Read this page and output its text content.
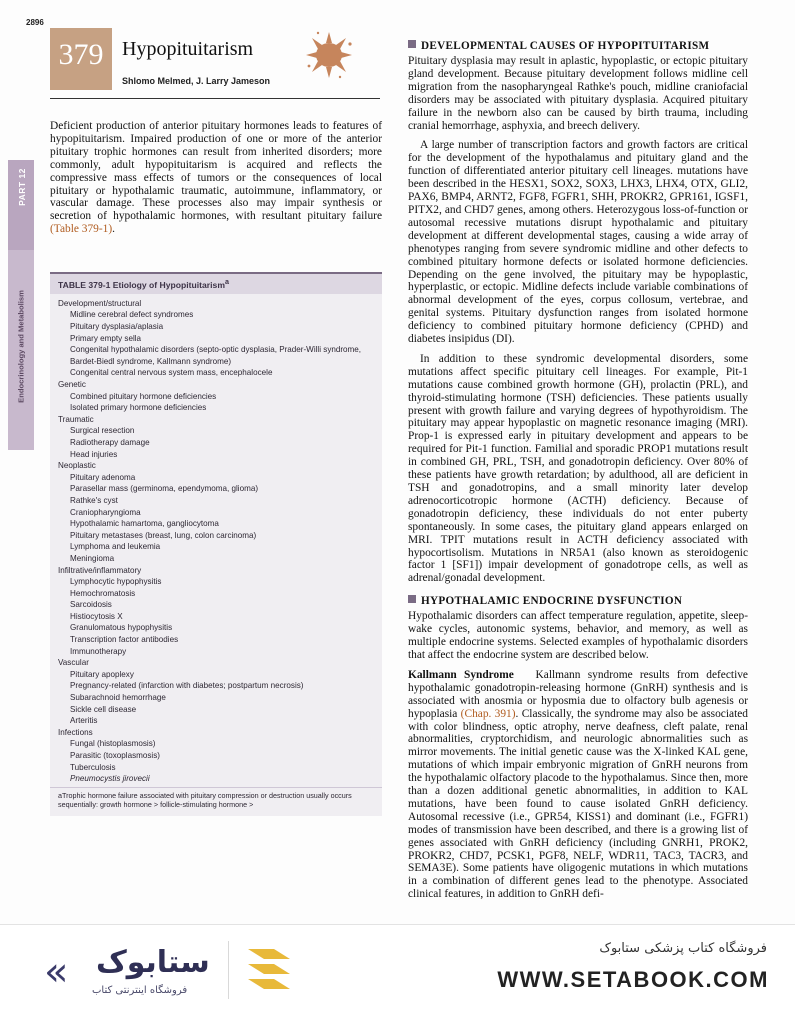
2896
PART 12
Endocrinology and Metabolism
379 Hypopituitarism
Shlomo Melmed, J. Larry Jameson

Deficient production of anterior pituitary hormones leads to features of hypopituitarism. Impaired production of one or more of the anterior pituitary trophic hormones can result from inherited disorders; more commonly, adult hypopituitarism is acquired and reflects the compressive mass effects of tumors or the consequences of local pituitary or hypothalamic traumatic, autoimmune, inflammatory, or vascular damage. These processes also may impair synthesis or secretion of hypothalamic hormones, with resultant pituitary failure (Table 379-1).

TABLE 379-1 Etiology of Hypopituitarism$^a$
Development/structural
Midline cerebral defect syndromes
Pituitary dysplasia/aplasia
Primary empty sella
Congenital hypothalamic disorders (septo-optic dysplasia, Prader-Willi syndrome, Bardet-Biedl syndrome, Kallmann syndrome)
Congenital central nervous system mass, encephalocele
Genetic
Combined pituitary hormone deficiencies
Isolated primary hormone deficiencies
Traumatic
Surgical resection
Radiotherapy damage
Head injuries
Neoplastic
Pituitary adenoma
Parasellar mass (germinoma, ependymoma, glioma)
Rathke's cyst
Craniopharyngioma
Hypothalamic hamartoma, gangliocytoma
Pituitary metastases (breast, lung, colon carcinoma)
Lymphoma and leukemia
Meningioma
Infiltrative/inflammatory
Lymphocytic hypophysitis
Hemochromatosis
Sarcoidosis
Histiocytosis X
Granulomatous hypophysitis
Transcription factor antibodies
Immunotherapy
Vascular
Pituitary apoplexy
Pregnancy-related (infarction with diabetes; postpartum necrosis)
Subarachnoid hemorrhage
Sickle cell disease
Arteritis
Infections
Fungal (histoplasmosis)
Parasitic (toxoplasmosis)
Tuberculosis
Pneumocystis jirovecii
aTrophic hormone failure associated with pituitary compression or destruction usually occurs sequentially: growth hormone > follicle-stimulating hormone >
DEVELOPMENTAL CAUSES OF HYPOPITUITARISM

Pituitary dysplasia may result in aplastic, hypoplastic, or ectopic pituitary gland development. Because pituitary development follows midline cell migration from the nasopharyngeal Rathke's pouch, midline craniofacial disorders may be associated with pituitary dysplasia. Acquired pituitary failure in the newborn also can be caused by birth trauma, including cranial hemorrhage, asphyxia, and breech delivery.

A large number of transcription factors and growth factors are critical for the development of the hypothalamus and pituitary gland and the function of differentiated anterior pituitary cell lineages. mutations have been described in the HESX1, SOX2, SOX3, LHX3, LHX4, OTX, GLI2, PAX6, BMP4, ARNT2, FGF8, FGFR1, SHH, PROKR2, GPR161, IGSF1, PITX2, and CHD7 genes, among others. Heterozygous loss-of-function or autosomal recessive mutations disrupt hypothalamic and pituitary development at different developmental stages, causing a wide array of phenotypes ranging from severe syndromic midline and other defects to combined pituitary hormone defects or isolated hormone deficiencies. Depending on the gene involved, the pituitary may be hypoplastic, hyperplastic, or ectopic. Midline defects include variable combinations of abnormal development of the eyes, corpus collosum, vertebrae, and genital systems. Pituitary dysfunction ranges from isolated hormone deficiency to combined pituitary hormone deficiency (CPHD) and diabetes insipidus (DI).

In addition to these syndromic developmental disorders, some mutations affect specific pituitary cell lineages. For example, Pit-1 mutations cause combined growth hormone (GH), prolactin (PRL), and thyroid-stimulating hormone (TSH) deficiencies. These patients usually present with growth failure and varying degrees of hypothyroidism. The pituitary may appear hypoplastic on magnetic resonance imaging (MRI). Prop-1 is expressed early in pituitary development and appears to be required for Pit-1 function. Familial and sporadic PROP1 mutations result in combined GH, PRL, TSH, and gonadotropin deficiency. Over 80% of these patients have growth retardation; by adulthood, all are deficient in TSH and gonadotropins, and a small minority later develop adrenocorticotropic hormone (ACTH) deficiency. Because of gonadotropin deficiency, these individuals do not enter puberty spontaneously. In some cases, the pituitary gland appears enlarged on MRI. TPIT mutations result in ACTH deficiency associated with hypocortisolism. Mutations in NR5A1 (also known as steroidogenic factor 1 [SF1]) impair development of gonadotrope cells, as well as adrenal/gonadal development.

HYPOTHALAMIC ENDOCRINE DYSFUNCTION

Hypothalamic disorders can affect temperature regulation, appetite, sleep-wake cycles, autonomic systems, behavior, and memory, as well as multiple endocrine systems. Selected examples of hypothalamic disorders that affect the endocrine system are described below.

Kallmann Syndrome Kallmann syndrome results from defective hypothalamic gonadotropin-releasing hormone (GnRH) synthesis and is associated with anosmia or hyposmia due to olfactory bulb agenesis or hypoplasia (Chap. 391). Classically, the syndrome may also be associated with color blindness, optic atrophy, nerve deafness, cleft palate, renal abnormalities, cryptorchidism, and neurologic abnormalities such as mirror movements. The initial genetic cause was the X-linked KAL gene, mutations of which impair embryonic migration of GnRH neurons from the hypothalamic olfactory placode to the hypothalamus. Since then, more than a dozen additional genetic abnormalities, in addition to KAL mutations, have been found to cause isolated GnRH deficiency. Autosomal recessive (i.e., GPR54, KISS1) and dominant (i.e., FGFR1) modes of transmission have been described, and there is a growing list of genes associated with GnRH deficiency (including GNRH1, PROK2, PROKR2, CHD7, PCSK1, PGF8, NELF, WDR11, TAC3, TACR3, and SEMA3E). Some patients have oligogenic mutations in which mutations in a combination of different genes lead to the phenotype. Associated clinical features, in addition to GnRH defi-

« ستابوک
فروشگاه اینترنتی کتاب
فروشگاه کتاب پزشکی ستابوک
WWW.SETABOOK.COM
